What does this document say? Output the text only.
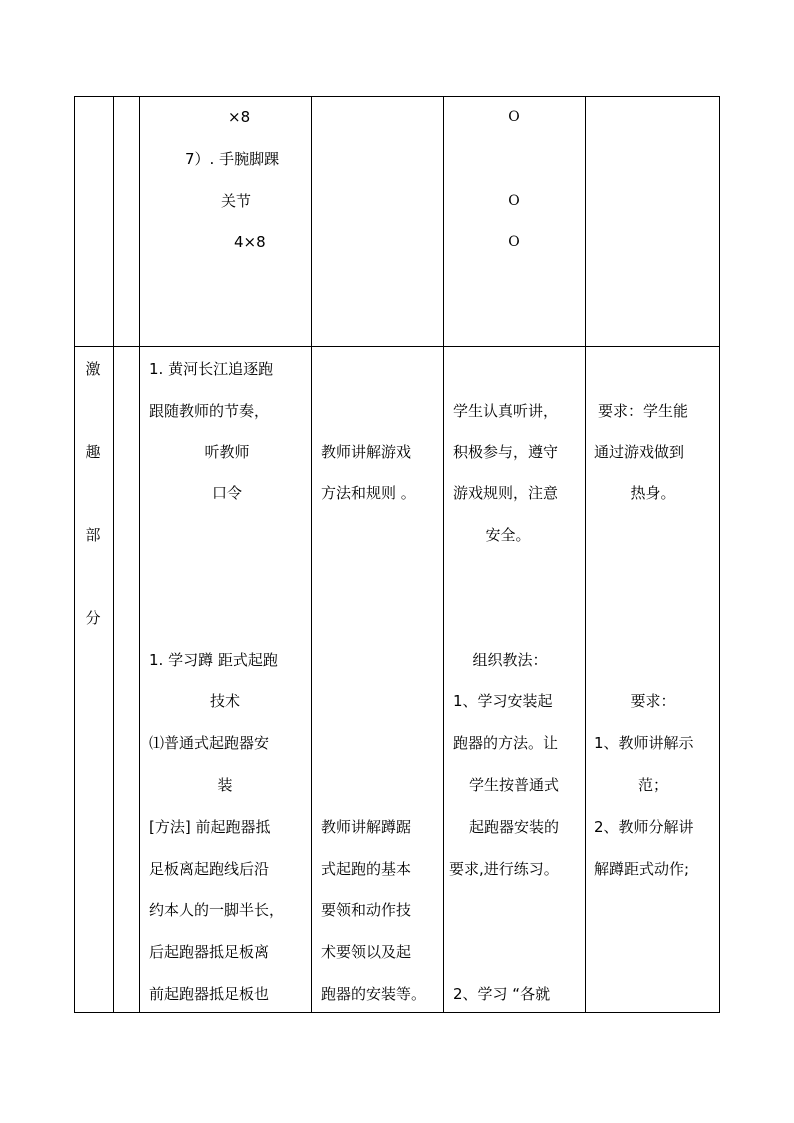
×8
7）. 手腕脚踝
关节
4×8
O
O
O
激
趣
部
分
1. 黄河长江追逐跑
跟随教师的节奏，
听教师
口令
1. 学习蹲 距式起跑
技术
⑴普通式起跑器安
装
[方法] 前起跑器抵
足板离起跑线后沿
约本人的一脚半长，
后起跑器抵足板离
前起跑器抵足板也
教师讲解游戏
方法和规则 。
教师讲解蹲踞
式起跑的基本
要领和动作技
术要领以及起
跑器的安装等。
学生认真听讲，
积极参与，遵守
游戏规则，注意
安全。
组织教法：
1、学习安装起
跑器的方法。让
学生按普通式
起跑器安装的
要求,进行练习。
2、学习 “各就
要求：学生能
通过游戏做到
热身。
要求：
1、教师讲解示
范；
2、教师分解讲
解蹲距式动作;
